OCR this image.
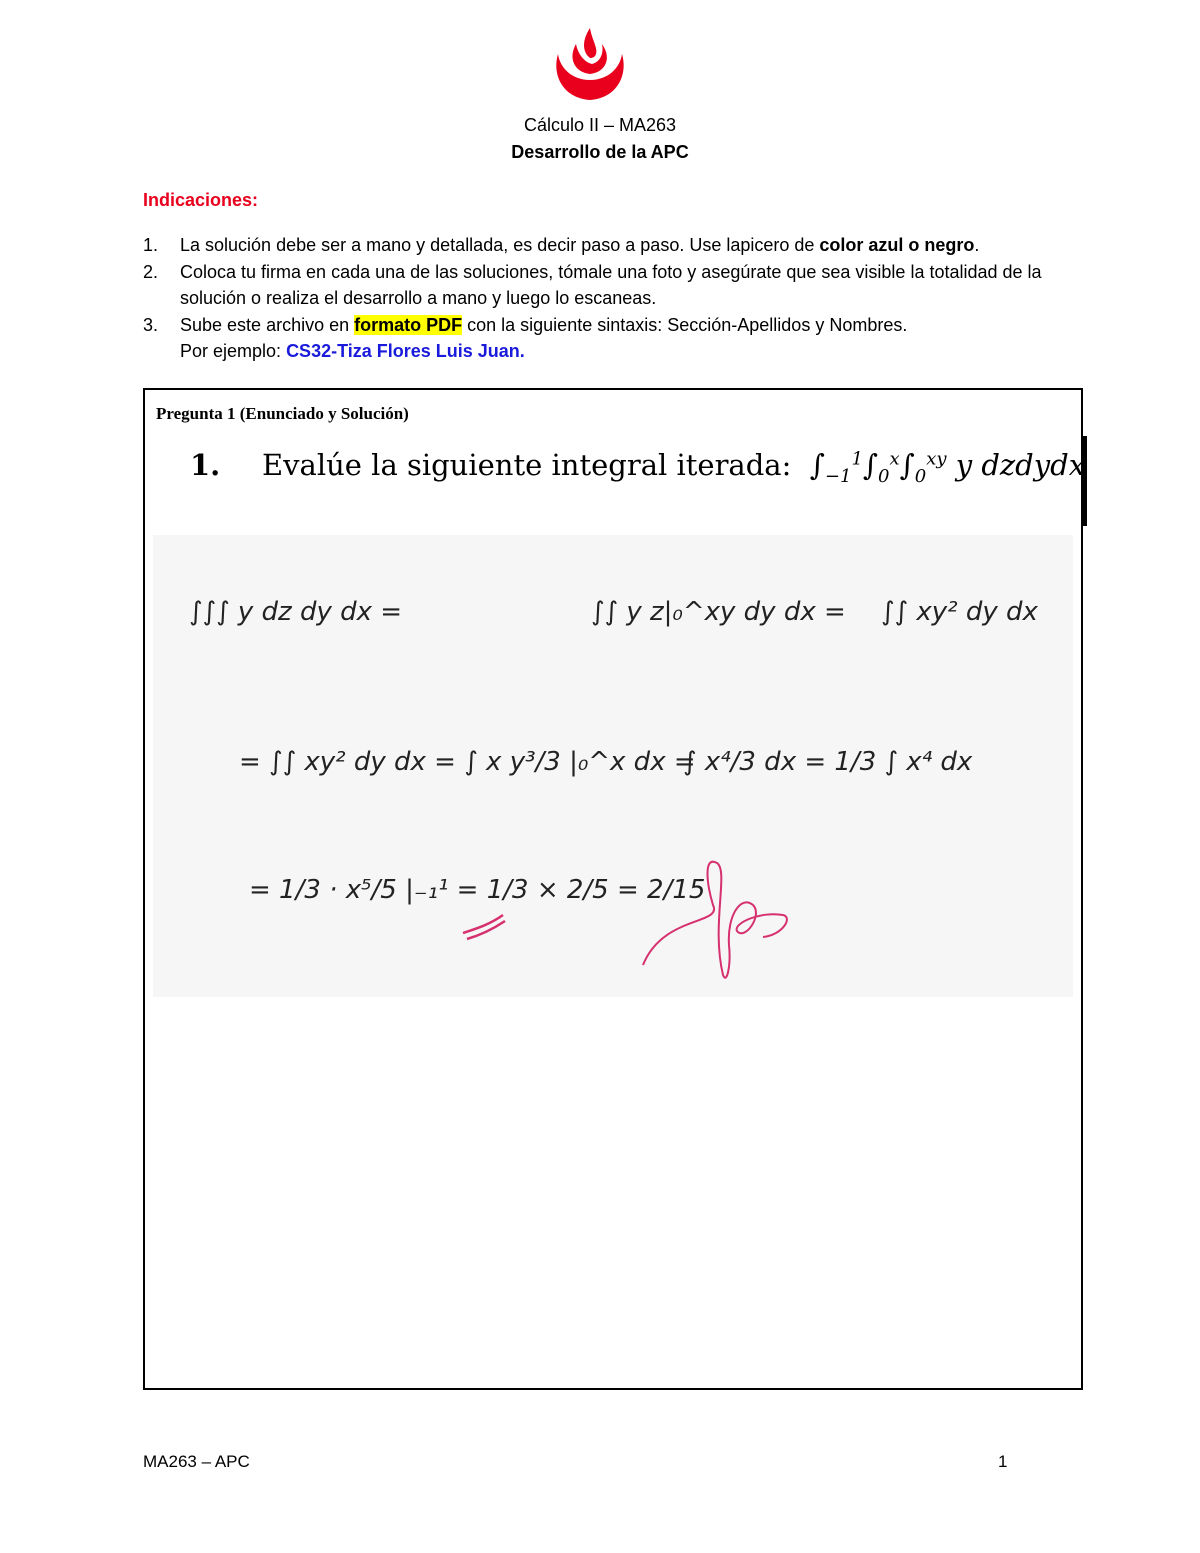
Cálculo II – MA263
Desarrollo de la APC
Indicaciones:
1.	La solución debe ser a mano y detallada, es decir paso a paso. Use lapicero de color azul o negro.
2.	Coloca tu firma en cada una de las soluciones, tómale una foto y asegúrate que sea visible la totalidad de la solución o realiza el desarrollo a mano y luego lo escaneas.
3.	Sube este archivo en formato PDF con la siguiente sintaxis: Sección-Apellidos y Nombres.
Por ejemplo: CS32-Tiza Flores Luis Juan.
Pregunta 1 (Enunciado y Solución)
1. Evalúe la siguiente integral iterada:  $\int_{-1}^1\int_0^x\int_0^{xy}$ y dzdydx
∫∫∫ y dz dy dx =	∫∫ y z|₀^xy dy dx = ∫∫ xy² dy dx
= ∫∫ xy² dy dx = ∫ x y³/3 |₀^x dx =
∫ x⁴/3 dx = 1/3 ∫ x⁴ dx
= 1/3 · x⁵/5 |₋₁¹ = 1/3 × 2/5 = 2/15
MA263 – APC	1
